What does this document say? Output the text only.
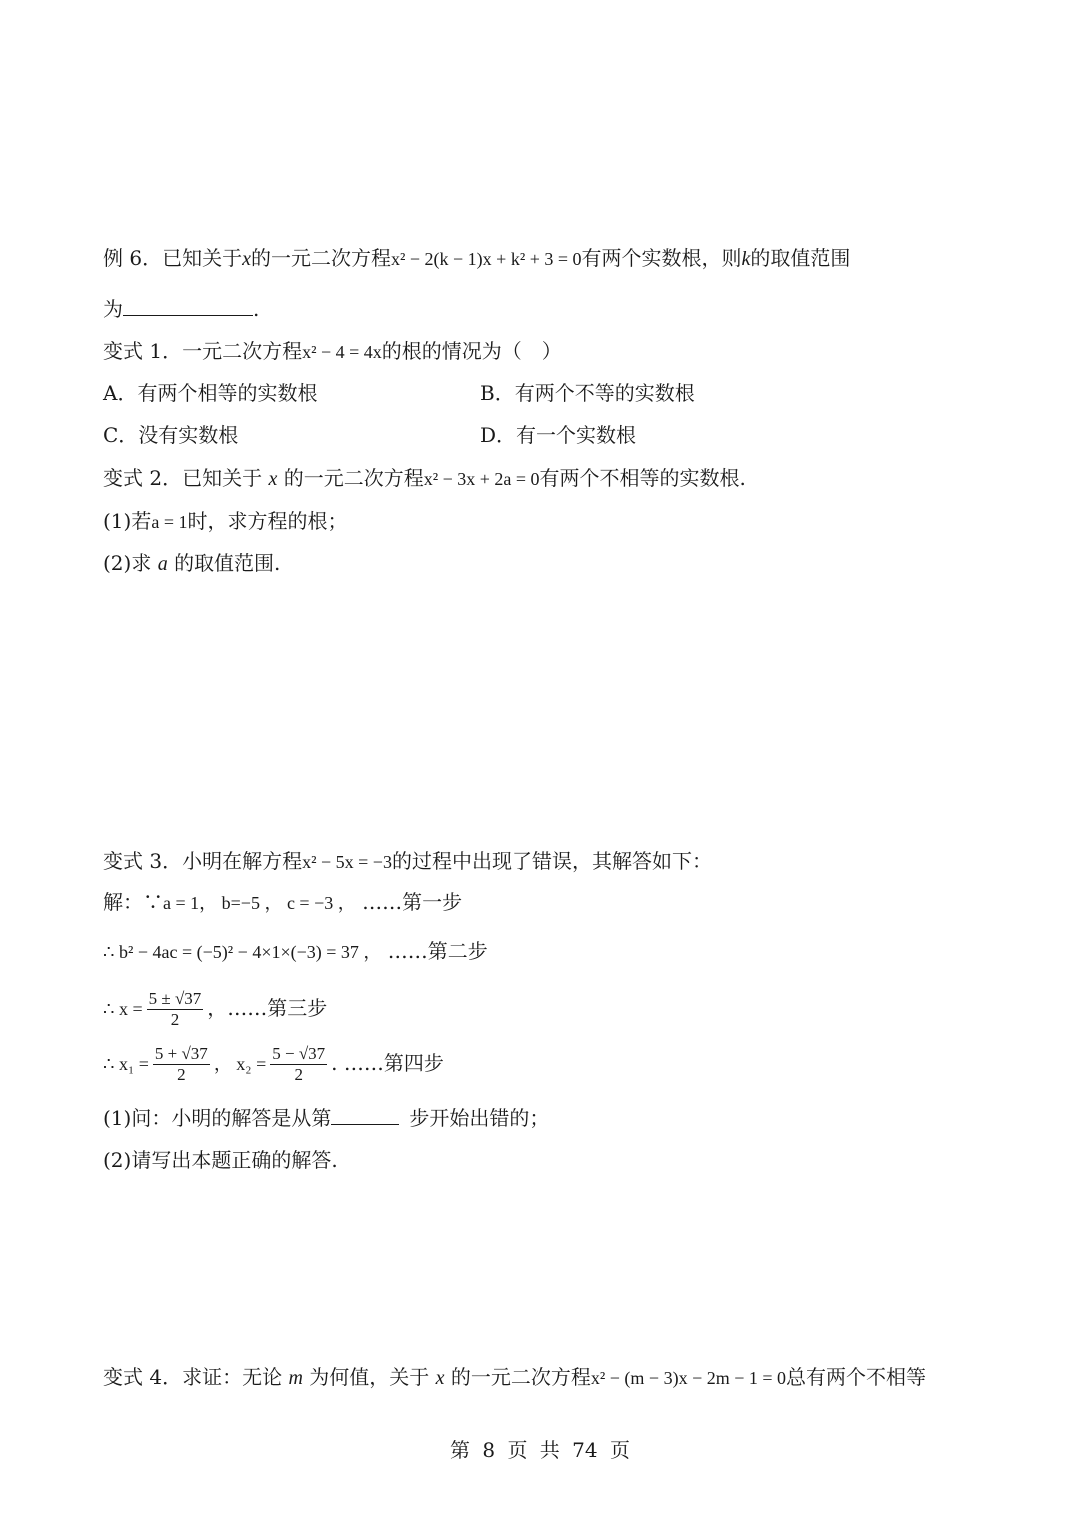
例 6．已知关于x的一元二次方程x² − 2(k − 1)x + k² + 3 = 0有两个实数根，则k的取值范围
为	.
变式 1．一元二次方程x² − 4 = 4x的根的情况为（　）
A．有两个相等的实数根	B．有两个不等的实数根
C．没有实数根	D．有一个实数根
变式 2．已知关于 x 的一元二次方程x² − 3x + 2a = 0有两个不相等的实数根.
(1)若a = 1时，求方程的根；
(2)求 a 的取值范围.
变式 3．小明在解方程x² − 5x = −3的过程中出现了错误，其解答如下：
解：∵a = 1， b=−5 ， c = −3 ， ……第一步
∴ b² − 4ac = (−5)² − 4×1×(−3) = 37 ， ……第二步
∴ $x = \frac{5 \pm √37}{2}$ ，……第三步
∴ $x_1 = \frac{5 + √37}{2}$ ， $x_2 = \frac{5 - √37}{2}$ . ……第四步
(1)问：小明的解答是从第	步开始出错的；
(2)请写出本题正确的解答.
变式 4．求证：无论 m 为何值，关于 x 的一元二次方程x² − (m − 3)x − 2m − 1 = 0总有两个不相等
第 8 页 共 74 页
